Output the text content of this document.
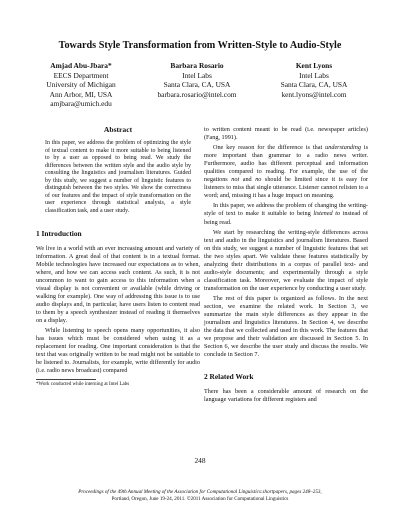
Towards Style Transformation from Written-Style to Audio-Style
Amjad Abu-Jbara*
EECS Department
University of Michigan
Ann Arbor, MI, USA
amjbara@umich.edu
Barbara Rosario
Intel Labs
Santa Clara, CA, USA
barbara.rosario@intel.com
Kent Lyons
Intel Labs
Santa Clara, CA, USA
kent.lyons@intel.com
Abstract

In this paper, we address the problem of optimizing the style of textual content to make it more suitable to being listened to by a user as opposed to being read. We study the differences between the written style and the audio style by consulting the linguistics and journalism literatures. Guided by this study, we suggest a number of linguistic features to distinguish between the two styles. We show the correctness of our features and the impact of style transformation on the user experience through statistical analysis, a style classification task, and a user study.

1 Introduction

We live in a world with an ever increasing amount and variety of information. A great deal of that content is in a textual format. Mobile technologies have increased our expectations as to when, where, and how we can access such content. As such, it is not uncommon to want to gain access to this information when a visual display is not convenient or available (while driving or walking for example). One way of addressing this issue is to use audio displays and, in particular, have users listen to content read to them by a speech synthesizer instead of reading it themselves on a display.

While listening to speech opens many opportunities, it also has issues which must be considered when using it as a replacement for reading. One important consideration is that the text that was originally written to be read might not be suitable to be listened to. Journalists, for example, write differently for audio (i.e. radio news broadcast) compared

*Work conducted while interning at Intel Labs

to written content meant to be read (i.e. newspaper articles) (Fang, 1991).

One key reason for the difference is that understanding is more important than grammar to a radio news writer. Furthermore, audio has different perceptual and information qualities compared to reading. For example, the use of the negations not and no should be limited since it is easy for listeners to miss that single utterance. Listener cannot relisten to a word; and, missing it has a huge impact on meaning.

In this paper, we address the problem of changing the writing-style of text to make it suitable to being listened to instead of being read.

We start by researching the writing-style differences across text and audio in the linguistics and journalism literatures. Based on this study, we suggest a number of linguistic features that set the two styles apart. We validate these features statistically by analyzing their distributions in a corpus of parallel text- and audio-style documents; and experimentally through a style classification task. Moreover, we evaluate the impact of style transformation on the user experience by conducting a user study.

The rest of this paper is organized as follows. In the next section, we examine the related work. In Section 3, we summarize the main style differences as they appear in the journalism and linguistics literatures. In Section 4, we describe the data that we collected and used in this work. The features that we propose and their validation are discussed in Section 5. In Section 6, we describe the user study and discuss the results. We conclude in Section 7.

2 Related Work

There has been a considerable amount of research on the language variations for different registers and

248
Proceedings of the 49th Annual Meeting of the Association for Computational Linguistics:shortpapers, pages 248–253,
Portland, Oregon, June 19-24, 2011. ©2011 Association for Computational Linguistics
